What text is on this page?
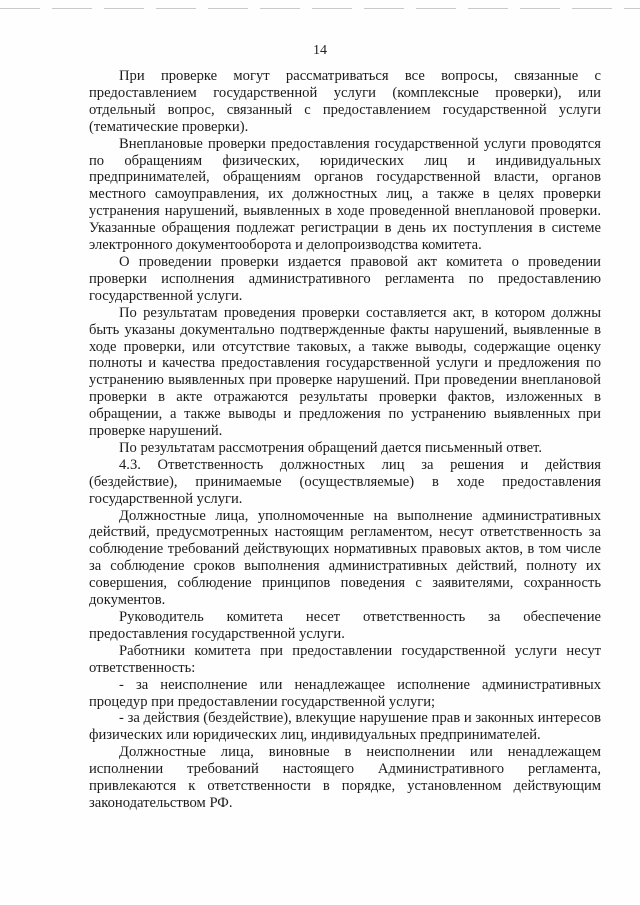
14

При проверке могут рассматриваться все вопросы, связанные с предоставлением государственной услуги (комплексные проверки), или отдельный вопрос, связанный с предоставлением государственной услуги (тематические проверки).

Внеплановые проверки предоставления государственной услуги проводятся по обращениям физических, юридических лиц и индивидуальных предпринимателей, обращениям органов государственной власти, органов местного самоуправления, их должностных лиц, а также в целях проверки устранения нарушений, выявленных в ходе проведенной внеплановой проверки. Указанные обращения подлежат регистрации в день их поступления в системе электронного документооборота и делопроизводства комитета.

О проведении проверки издается правовой акт комитета о проведении проверки исполнения административного регламента по предоставлению государственной услуги.

По результатам проведения проверки составляется акт, в котором должны быть указаны документально подтвержденные факты нарушений, выявленные в ходе проверки, или отсутствие таковых, а также выводы, содержащие оценку полноты и качества предоставления государственной услуги и предложения по устранению выявленных при проверке нарушений. При проведении внеплановой проверки в акте отражаются результаты проверки фактов, изложенных в обращении, а также выводы и предложения по устранению выявленных при проверке нарушений.

По результатам рассмотрения обращений дается письменный ответ.

4.3. Ответственность должностных лиц за решения и действия (бездействие), принимаемые (осуществляемые) в ходе предоставления государственной услуги.

Должностные лица, уполномоченные на выполнение административных действий, предусмотренных настоящим регламентом, несут ответственность за соблюдение требований действующих нормативных правовых актов, в том числе за соблюдение сроков выполнения административных действий, полноту их совершения, соблюдение принципов поведения с заявителями, сохранность документов.

Руководитель комитета несет ответственность за обеспечение предоставления государственной услуги.

Работники комитета при предоставлении государственной услуги несут ответственность:

- за неисполнение или ненадлежащее исполнение административных процедур при предоставлении государственной услуги;

- за действия (бездействие), влекущие нарушение прав и законных интересов физических или юридических лиц, индивидуальных предпринимателей.

Должностные лица, виновные в неисполнении или ненадлежащем исполнении требований настоящего Административного регламента, привлекаются к ответственности в порядке, установленном действующим законодательством РФ.
